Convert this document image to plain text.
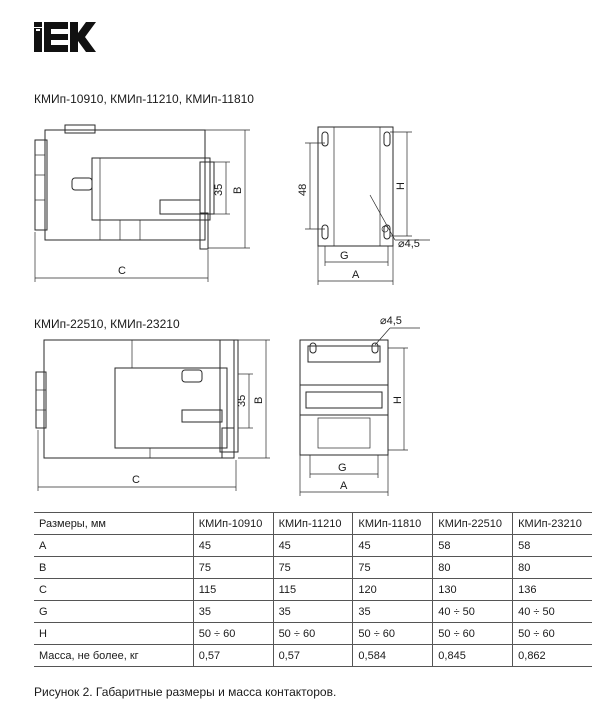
КМИп-10910, КМИп-11210, КМИп-11810
КМИп-22510, КМИп-23210
35 B
C
⌀4,5
48	H
G
A
35 B
C
⌀4,5
H
G
A
Размеры, мм	КМИп-10910	КМИп-11210	КМИп-11810	КМИп-22510	КМИп-23210
A	45	45	45	58	58
B	75	75	75	80	80
C	115	115	120	130	136
G	35	35	35	40 ÷ 50	40 ÷ 50
H	50 ÷ 60	50 ÷ 60	50 ÷ 60	50 ÷ 60	50 ÷ 60
Масса, не более, кг	0,57	0,57	0,584	0,845	0,862
Рисунок 2. Габаритные размеры и масса контакторов.
